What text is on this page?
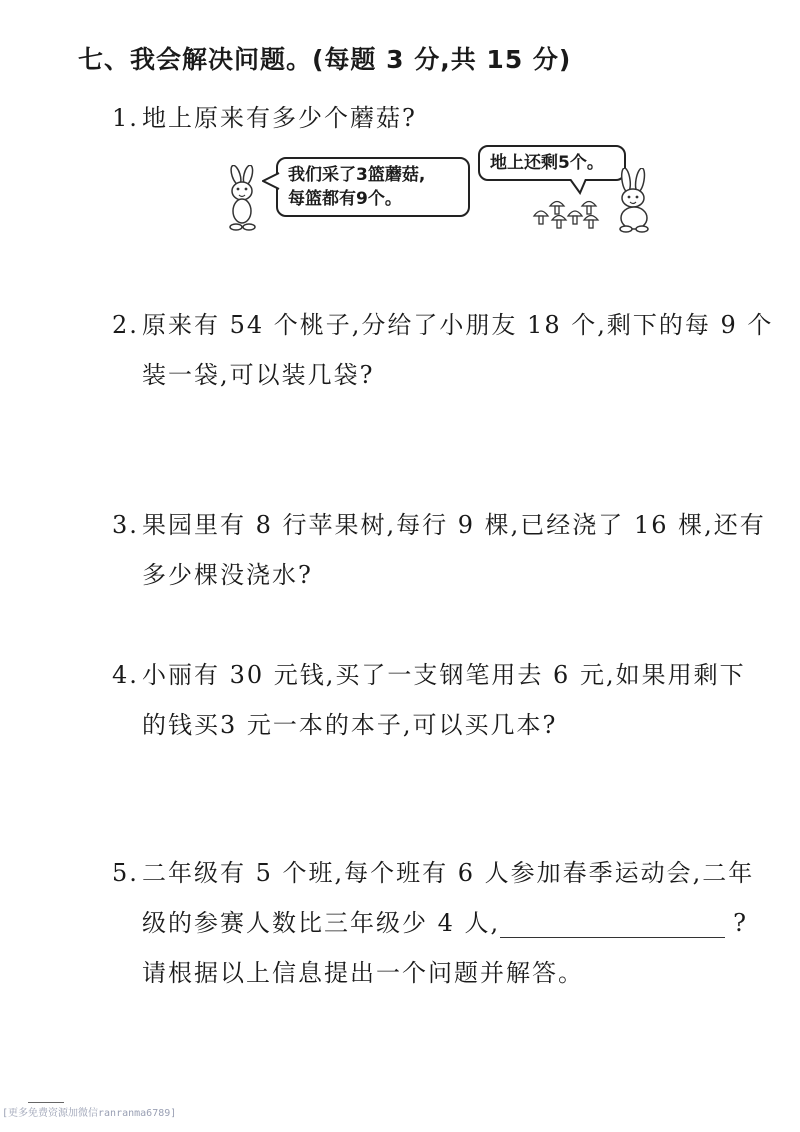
七、我会解决问题。(每题 3 分,共 15 分)
1. 地上原来有多少个蘑菇?
我们采了3篮蘑菇,
每篮都有9个。
地上还剩5个。
2. 原来有 54 个桃子,分给了小朋友 18 个,剩下的每 9 个
装一袋,可以装几袋?
3. 果园里有 8 行苹果树,每行 9 棵,已经浇了 16 棵,还有
多少棵没浇水?
4. 小丽有 30 元钱,买了一支钢笔用去 6 元,如果用剩下
的钱买3 元一本的本子,可以买几本?
5. 二年级有 5 个班,每个班有 6 人参加春季运动会,二年
级的参赛人数比三年级少 4 人,	?
请根据以上信息提出一个问题并解答。
[更多免费资源加微信ranranma6789]
